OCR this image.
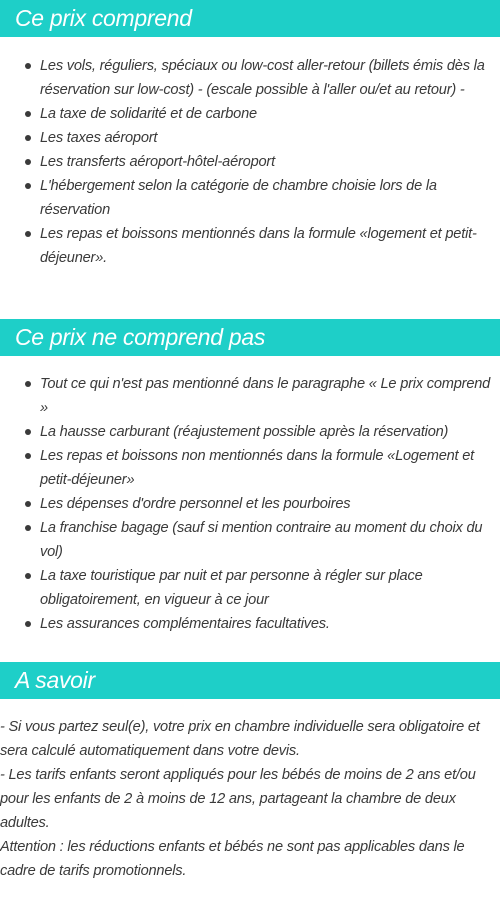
Ce prix comprend
Les vols, réguliers, spéciaux ou low-cost aller-retour (billets émis dès la réservation sur low-cost) - (escale possible à l'aller ou/et au retour) -
La taxe de solidarité et de carbone
Les taxes aéroport
Les transferts aéroport-hôtel-aéroport
L'hébergement selon la catégorie de chambre choisie lors de la réservation
Les repas et boissons mentionnés dans la formule «logement et petit-déjeuner».
Ce prix ne comprend pas
Tout ce qui n'est pas mentionné dans le paragraphe « Le prix comprend »
La hausse carburant (réajustement possible après la réservation)
Les repas et boissons non mentionnés dans la formule «Logement et petit-déjeuner»
Les dépenses d'ordre personnel et les pourboires
La franchise bagage (sauf si mention contraire au moment du choix du vol)
La taxe touristique par nuit et par personne à régler sur place obligatoirement, en vigueur à ce jour
Les assurances complémentaires facultatives.
A savoir

- Si vous partez seul(e), votre prix en chambre individuelle sera obligatoire et sera calculé automatiquement dans votre devis.

- Les tarifs enfants seront appliqués pour les bébés de moins de 2 ans et/ou pour les enfants de 2 à moins de 12 ans, partageant la chambre de deux adultes.

Attention : les réductions enfants et bébés ne sont pas applicables dans le cadre de tarifs promotionnels.
